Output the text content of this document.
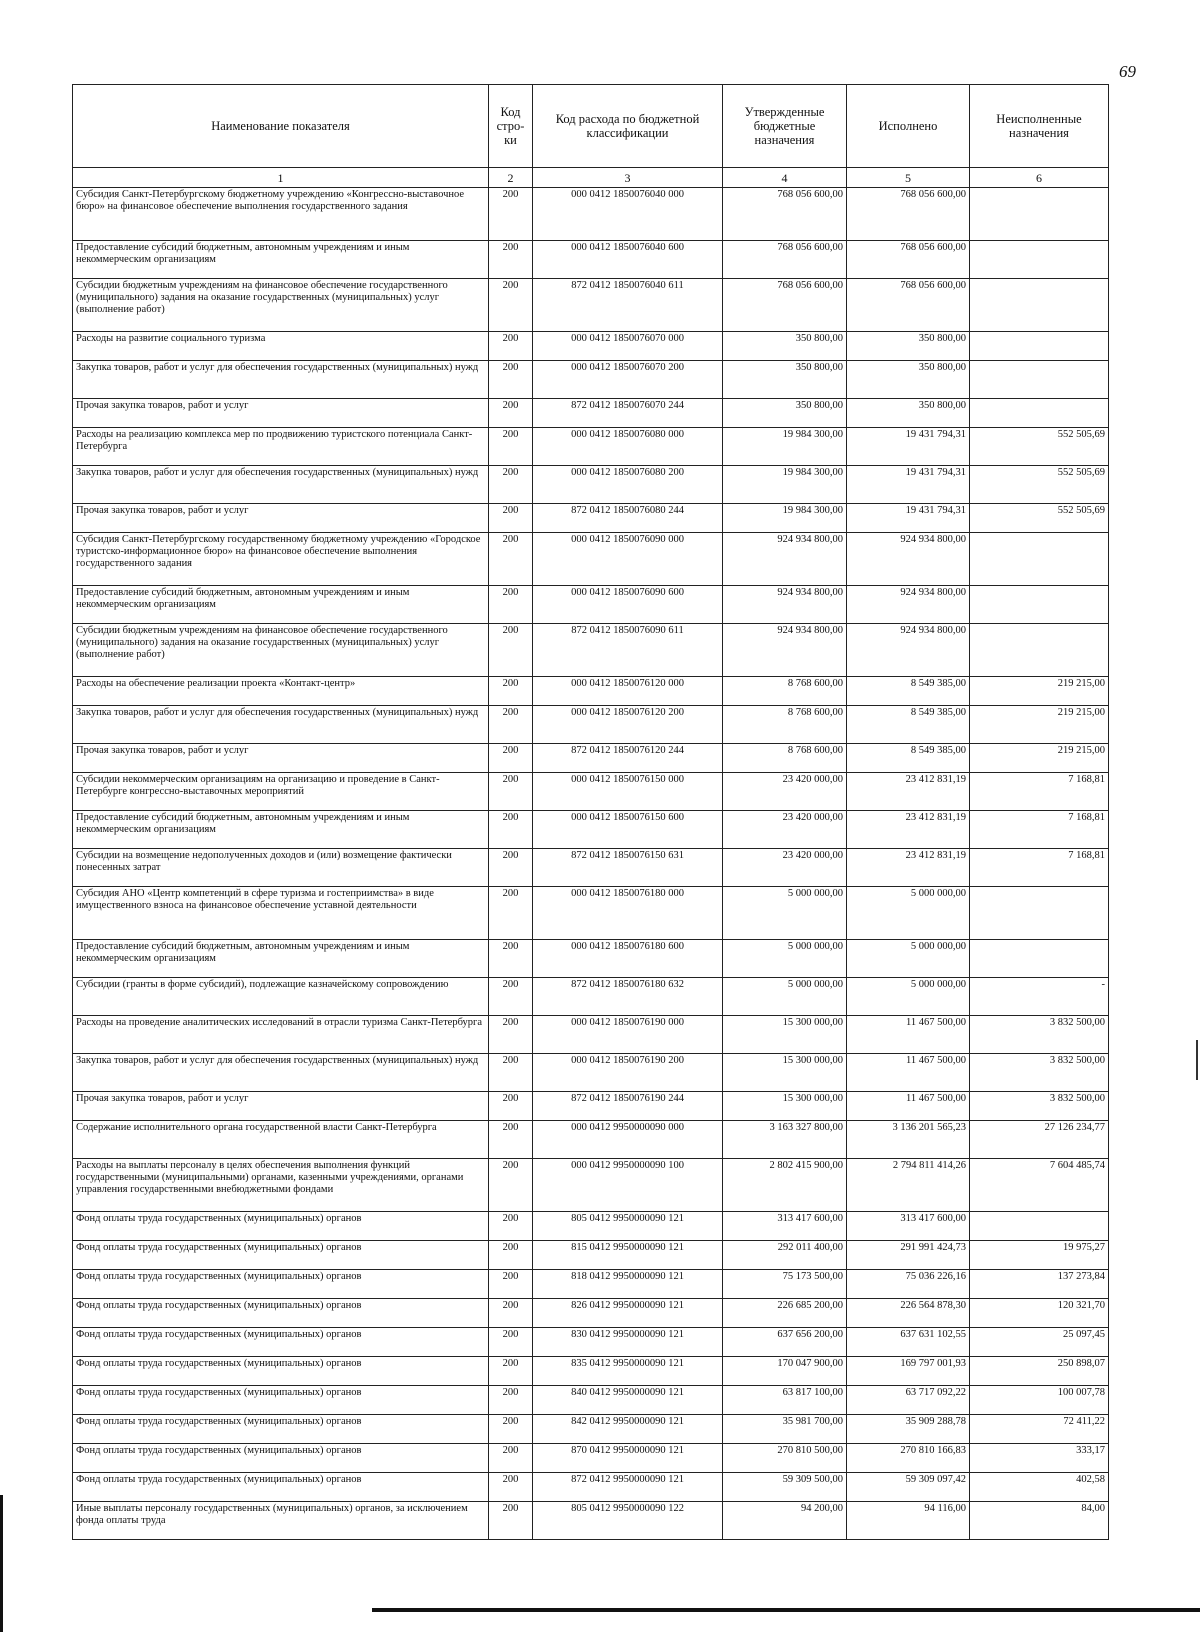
69
Наименование показателя	Код стро-ки	Код расхода по бюджетной классификации	Утвержденные бюджетные назначения	Исполнено	Неисполненные назначения
1	2	3	4	5	6
Субсидия Санкт-Петербургскому бюджетному учреждению «Конгрессно-выставочное бюро» на финансовое обеспечение выполнения государственного задания	200	000 0412 1850076040 000	768 056 600,00	768 056 600,00	
Предоставление субсидий бюджетным, автономным учреждениям и иным некоммерческим организациям	200	000 0412 1850076040 600	768 056 600,00	768 056 600,00	
Субсидии бюджетным учреждениям на финансовое обеспечение государственного (муниципального) задания на оказание государственных (муниципальных) услуг (выполнение работ)	200	872 0412 1850076040 611	768 056 600,00	768 056 600,00	
Расходы на развитие социального туризма	200	000 0412 1850076070 000	350 800,00	350 800,00	
Закупка товаров, работ и услуг для обеспечения государственных (муниципальных) нужд	200	000 0412 1850076070 200	350 800,00	350 800,00	
Прочая закупка товаров, работ и услуг	200	872 0412 1850076070 244	350 800,00	350 800,00	
Расходы на реализацию комплекса мер по продвижению туристского потенциала Санкт-Петербурга	200	000 0412 1850076080 000	19 984 300,00	19 431 794,31	552 505,69
Закупка товаров, работ и услуг для обеспечения государственных (муниципальных) нужд	200	000 0412 1850076080 200	19 984 300,00	19 431 794,31	552 505,69
Прочая закупка товаров, работ и услуг	200	872 0412 1850076080 244	19 984 300,00	19 431 794,31	552 505,69
Субсидия Санкт-Петербургскому государственному бюджетному учреждению «Городское туристско-информационное бюро» на финансовое обеспечение выполнения государственного задания	200	000 0412 1850076090 000	924 934 800,00	924 934 800,00	
Предоставление субсидий бюджетным, автономным учреждениям и иным некоммерческим организациям	200	000 0412 1850076090 600	924 934 800,00	924 934 800,00	
Субсидии бюджетным учреждениям на финансовое обеспечение государственного (муниципального) задания на оказание государственных (муниципальных) услуг (выполнение работ)	200	872 0412 1850076090 611	924 934 800,00	924 934 800,00	
Расходы на обеспечение реализации проекта «Контакт-центр»	200	000 0412 1850076120 000	8 768 600,00	8 549 385,00	219 215,00
Закупка товаров, работ и услуг для обеспечения государственных (муниципальных) нужд	200	000 0412 1850076120 200	8 768 600,00	8 549 385,00	219 215,00
Прочая закупка товаров, работ и услуг	200	872 0412 1850076120 244	8 768 600,00	8 549 385,00	219 215,00
Субсидии некоммерческим организациям на организацию и проведение в Санкт-Петербурге конгрессно-выставочных мероприятий	200	000 0412 1850076150 000	23 420 000,00	23 412 831,19	7 168,81
Предоставление субсидий бюджетным, автономным учреждениям и иным некоммерческим организациям	200	000 0412 1850076150 600	23 420 000,00	23 412 831,19	7 168,81
Субсидии на возмещение недополученных доходов и (или) возмещение фактически понесенных затрат	200	872 0412 1850076150 631	23 420 000,00	23 412 831,19	7 168,81
Субсидия АНО «Центр компетенций в сфере туризма и гостеприимства» в виде имущественного взноса на финансовое обеспечение уставной деятельности	200	000 0412 1850076180 000	5 000 000,00	5 000 000,00	
Предоставление субсидий бюджетным, автономным учреждениям и иным некоммерческим организациям	200	000 0412 1850076180 600	5 000 000,00	5 000 000,00	
Субсидии (гранты в форме субсидий), подлежащие казначейскому сопровождению	200	872 0412 1850076180 632	5 000 000,00	5 000 000,00	-
Расходы на проведение аналитических исследований в отрасли туризма Санкт-Петербурга	200	000 0412 1850076190 000	15 300 000,00	11 467 500,00	3 832 500,00
Закупка товаров, работ и услуг для обеспечения государственных (муниципальных) нужд	200	000 0412 1850076190 200	15 300 000,00	11 467 500,00	3 832 500,00
Прочая закупка товаров, работ и услуг	200	872 0412 1850076190 244	15 300 000,00	11 467 500,00	3 832 500,00
Содержание исполнительного органа государственной власти Санкт-Петербурга	200	000 0412 9950000090 000	3 163 327 800,00	3 136 201 565,23	27 126 234,77
Расходы на выплаты персоналу в целях обеспечения выполнения функций государственными (муниципальными) органами, казенными учреждениями, органами управления государственными внебюджетными фондами	200	000 0412 9950000090 100	2 802 415 900,00	2 794 811 414,26	7 604 485,74
Фонд оплаты труда государственных (муниципальных) органов	200	805 0412 9950000090 121	313 417 600,00	313 417 600,00	
Фонд оплаты труда государственных (муниципальных) органов	200	815 0412 9950000090 121	292 011 400,00	291 991 424,73	19 975,27
Фонд оплаты труда государственных (муниципальных) органов	200	818 0412 9950000090 121	75 173 500,00	75 036 226,16	137 273,84
Фонд оплаты труда государственных (муниципальных) органов	200	826 0412 9950000090 121	226 685 200,00	226 564 878,30	120 321,70
Фонд оплаты труда государственных (муниципальных) органов	200	830 0412 9950000090 121	637 656 200,00	637 631 102,55	25 097,45
Фонд оплаты труда государственных (муниципальных) органов	200	835 0412 9950000090 121	170 047 900,00	169 797 001,93	250 898,07
Фонд оплаты труда государственных (муниципальных) органов	200	840 0412 9950000090 121	63 817 100,00	63 717 092,22	100 007,78
Фонд оплаты труда государственных (муниципальных) органов	200	842 0412 9950000090 121	35 981 700,00	35 909 288,78	72 411,22
Фонд оплаты труда государственных (муниципальных) органов	200	870 0412 9950000090 121	270 810 500,00	270 810 166,83	333,17
Фонд оплаты труда государственных (муниципальных) органов	200	872 0412 9950000090 121	59 309 500,00	59 309 097,42	402,58
Иные выплаты персоналу государственных (муниципальных) органов, за исключением фонда оплаты труда	200	805 0412 9950000090 122	94 200,00	94 116,00	84,00
